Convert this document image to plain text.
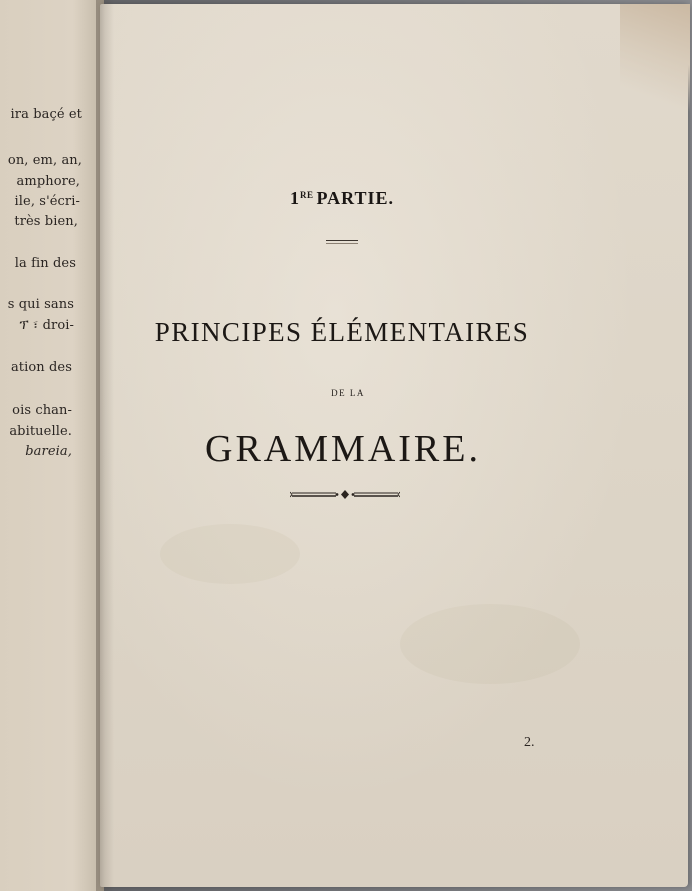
ira baçé et
on, em, an,
amphore,
ile, s'écri-
très bien,
la fin des
s qui sans
ፕ ፣ droi-
ation des
ois chan-
abituelle.
bareia,
1RE PARTIE.
PRINCIPES ÉLÉMENTAIRES
DE LA
GRAMMAIRE.
2.
